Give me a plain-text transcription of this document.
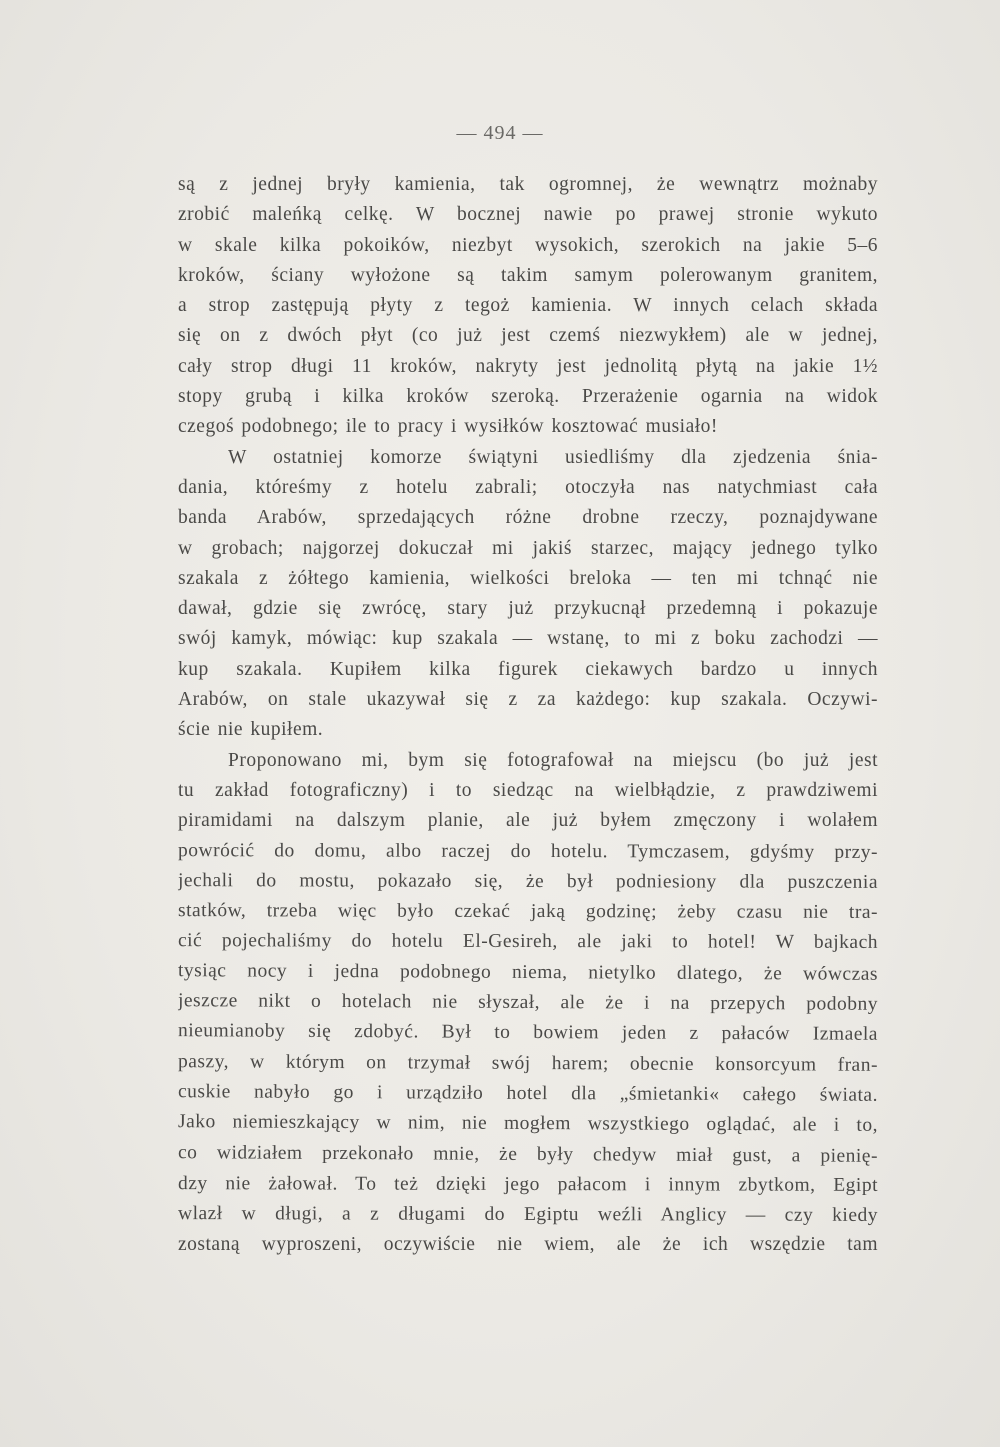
— 494 —
są z jednej bryły kamienia, tak ogromnej, że wewnątrz możnaby
zrobić maleńką celkę. W bocznej nawie po prawej stronie wykuto
w skale kilka pokoików, niezbyt wysokich, szerokich na jakie 5–6
kroków, ściany wyłożone są takim samym polerowanym granitem,
a strop zastępują płyty z tegoż kamienia. W innych celach składa
się on z dwóch płyt (co już jest czemś niezwykłem) ale w jednej,
cały strop długi 11 kroków, nakryty jest jednolitą płytą na jakie 1½
stopy grubą i kilka kroków szeroką. Przerażenie ogarnia na widok
czegoś podobnego; ile to pracy i wysiłków kosztować musiało!
W ostatniej komorze świątyni usiedliśmy dla zjedzenia śnia-
dania, któreśmy z hotelu zabrali; otoczyła nas natychmiast cała
banda Arabów, sprzedających różne drobne rzeczy, poznajdywane
w grobach; najgorzej dokuczał mi jakiś starzec, mający jednego tylko
szakala z żółtego kamienia, wielkości breloka — ten mi tchnąć nie
dawał, gdzie się zwrócę, stary już przykucnął przedemną i pokazuje
swój kamyk, mówiąc: kup szakala — wstanę, to mi z boku zachodzi —
kup szakala. Kupiłem kilka figurek ciekawych bardzo u innych
Arabów, on stale ukazywał się z za każdego: kup szakala. Oczywi-
ście nie kupiłem.
Proponowano mi, bym się fotografował na miejscu (bo już jest
tu zakład fotograficzny) i to siedząc na wielbłądzie, z prawdziwemi
piramidami na dalszym planie, ale już byłem zmęczony i wolałem
powrócić do domu, albo raczej do hotelu. Tymczasem, gdyśmy przy-
jechali do mostu, pokazało się, że był podniesiony dla puszczenia
statków, trzeba więc było czekać jaką godzinę; żeby czasu nie tra-
cić pojechaliśmy do hotelu El-Gesireh, ale jaki to hotel! W bajkach
tysiąc nocy i jedna podobnego niema, nietylko dlatego, że wówczas
jeszcze nikt o hotelach nie słyszał, ale że i na przepych podobny
nieumianoby się zdobyć. Był to bowiem jeden z pałaców Izmaela
paszy, w którym on trzymał swój harem; obecnie konsorcyum fran-
cuskie nabyło go i urządziło hotel dla „śmietanki« całego świata.
Jako niemieszkający w nim, nie mogłem wszystkiego oglądać, ale i to,
co widziałem przekonało mnie, że były chedyw miał gust, a pienię-
dzy nie żałował. To też dzięki jego pałacom i innym zbytkom, Egipt
wlazł w długi, a z długami do Egiptu weźli Anglicy — czy kiedy
zostaną wyproszeni, oczywiście nie wiem, ale że ich wszędzie tam
